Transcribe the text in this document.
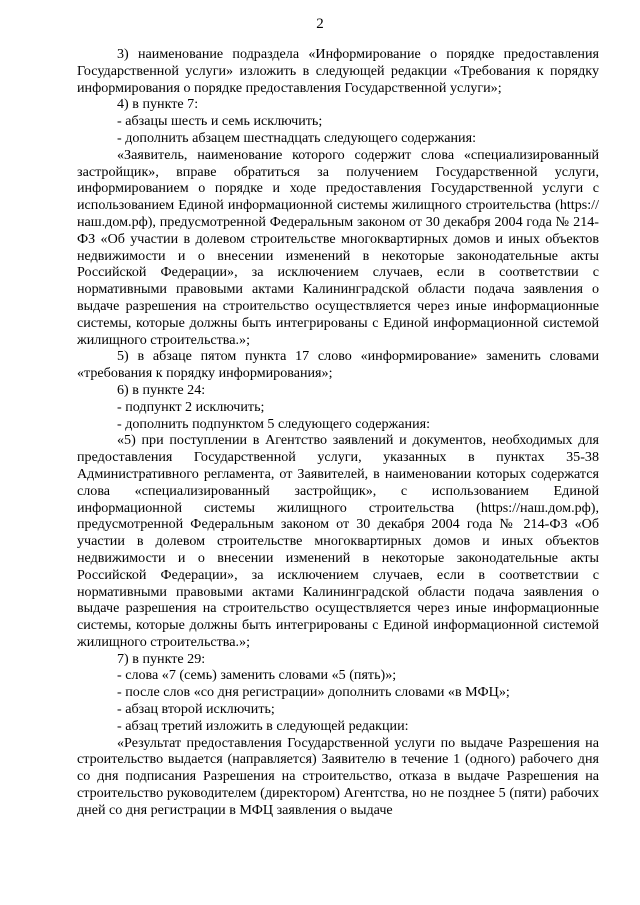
2

3) наименование подраздела «Информирование о порядке предоставления Государственной услуги» изложить в следующей редакции «Требования к порядку информирования о порядке предоставления Государственной услуги»;

4) в пункте 7:

- абзацы шесть и семь исключить;

- дополнить абзацем шестнадцать следующего содержания:

«Заявитель, наименование которого содержит слова «специализированный застройщик», вправе обратиться за получением Государственной услуги, информированием о порядке и ходе предоставления Государственной услуги с использованием Единой информационной системы жилищного строительства (https://наш.дом.рф), предусмотренной Федеральным законом от 30 декабря 2004 года № 214-ФЗ «Об участии в долевом строительстве многоквартирных домов и иных объектов недвижимости и о внесении изменений в некоторые законодательные акты Российской Федерации», за исключением случаев, если в соответствии с нормативными правовыми актами Калининградской области подача заявления о выдаче разрешения на строительство осуществляется через иные информационные системы, которые должны быть интегрированы с Единой информационной системой жилищного строительства.»;

5) в абзаце пятом пункта 17 слово «информирование» заменить словами «требования к порядку информирования»;

6) в пункте 24:

- подпункт 2 исключить;

- дополнить подпунктом 5 следующего содержания:

«5) при поступлении в Агентство заявлений и документов, необходимых для предоставления Государственной услуги, указанных в пунктах 35-38 Административного регламента, от Заявителей, в наименовании которых содержатся слова «специализированный застройщик», с использованием Единой информационной системы жилищного строительства (https://наш.дом.рф), предусмотренной Федеральным законом от 30 декабря 2004 года № 214-ФЗ «Об участии в долевом строительстве многоквартирных домов и иных объектов недвижимости и о внесении изменений в некоторые законодательные акты Российской Федерации», за исключением случаев, если в соответствии с нормативными правовыми актами Калининградской области подача заявления о выдаче разрешения на строительство осуществляется через иные информационные системы, которые должны быть интегрированы с Единой информационной системой жилищного строительства.»;

7) в пункте 29:

- слова «7 (семь) заменить словами «5 (пять)»;

- после слов «со дня регистрации» дополнить словами «в МФЦ»;

- абзац второй исключить;

- абзац третий изложить в следующей редакции:

«Результат предоставления Государственной услуги по выдаче Разрешения на строительство выдается (направляется) Заявителю в течение 1 (одного) рабочего дня со дня подписания Разрешения на строительство, отказа в выдаче Разрешения на строительство руководителем (директором) Агентства, но не позднее 5 (пяти) рабочих дней со дня регистрации в МФЦ заявления о выдаче
